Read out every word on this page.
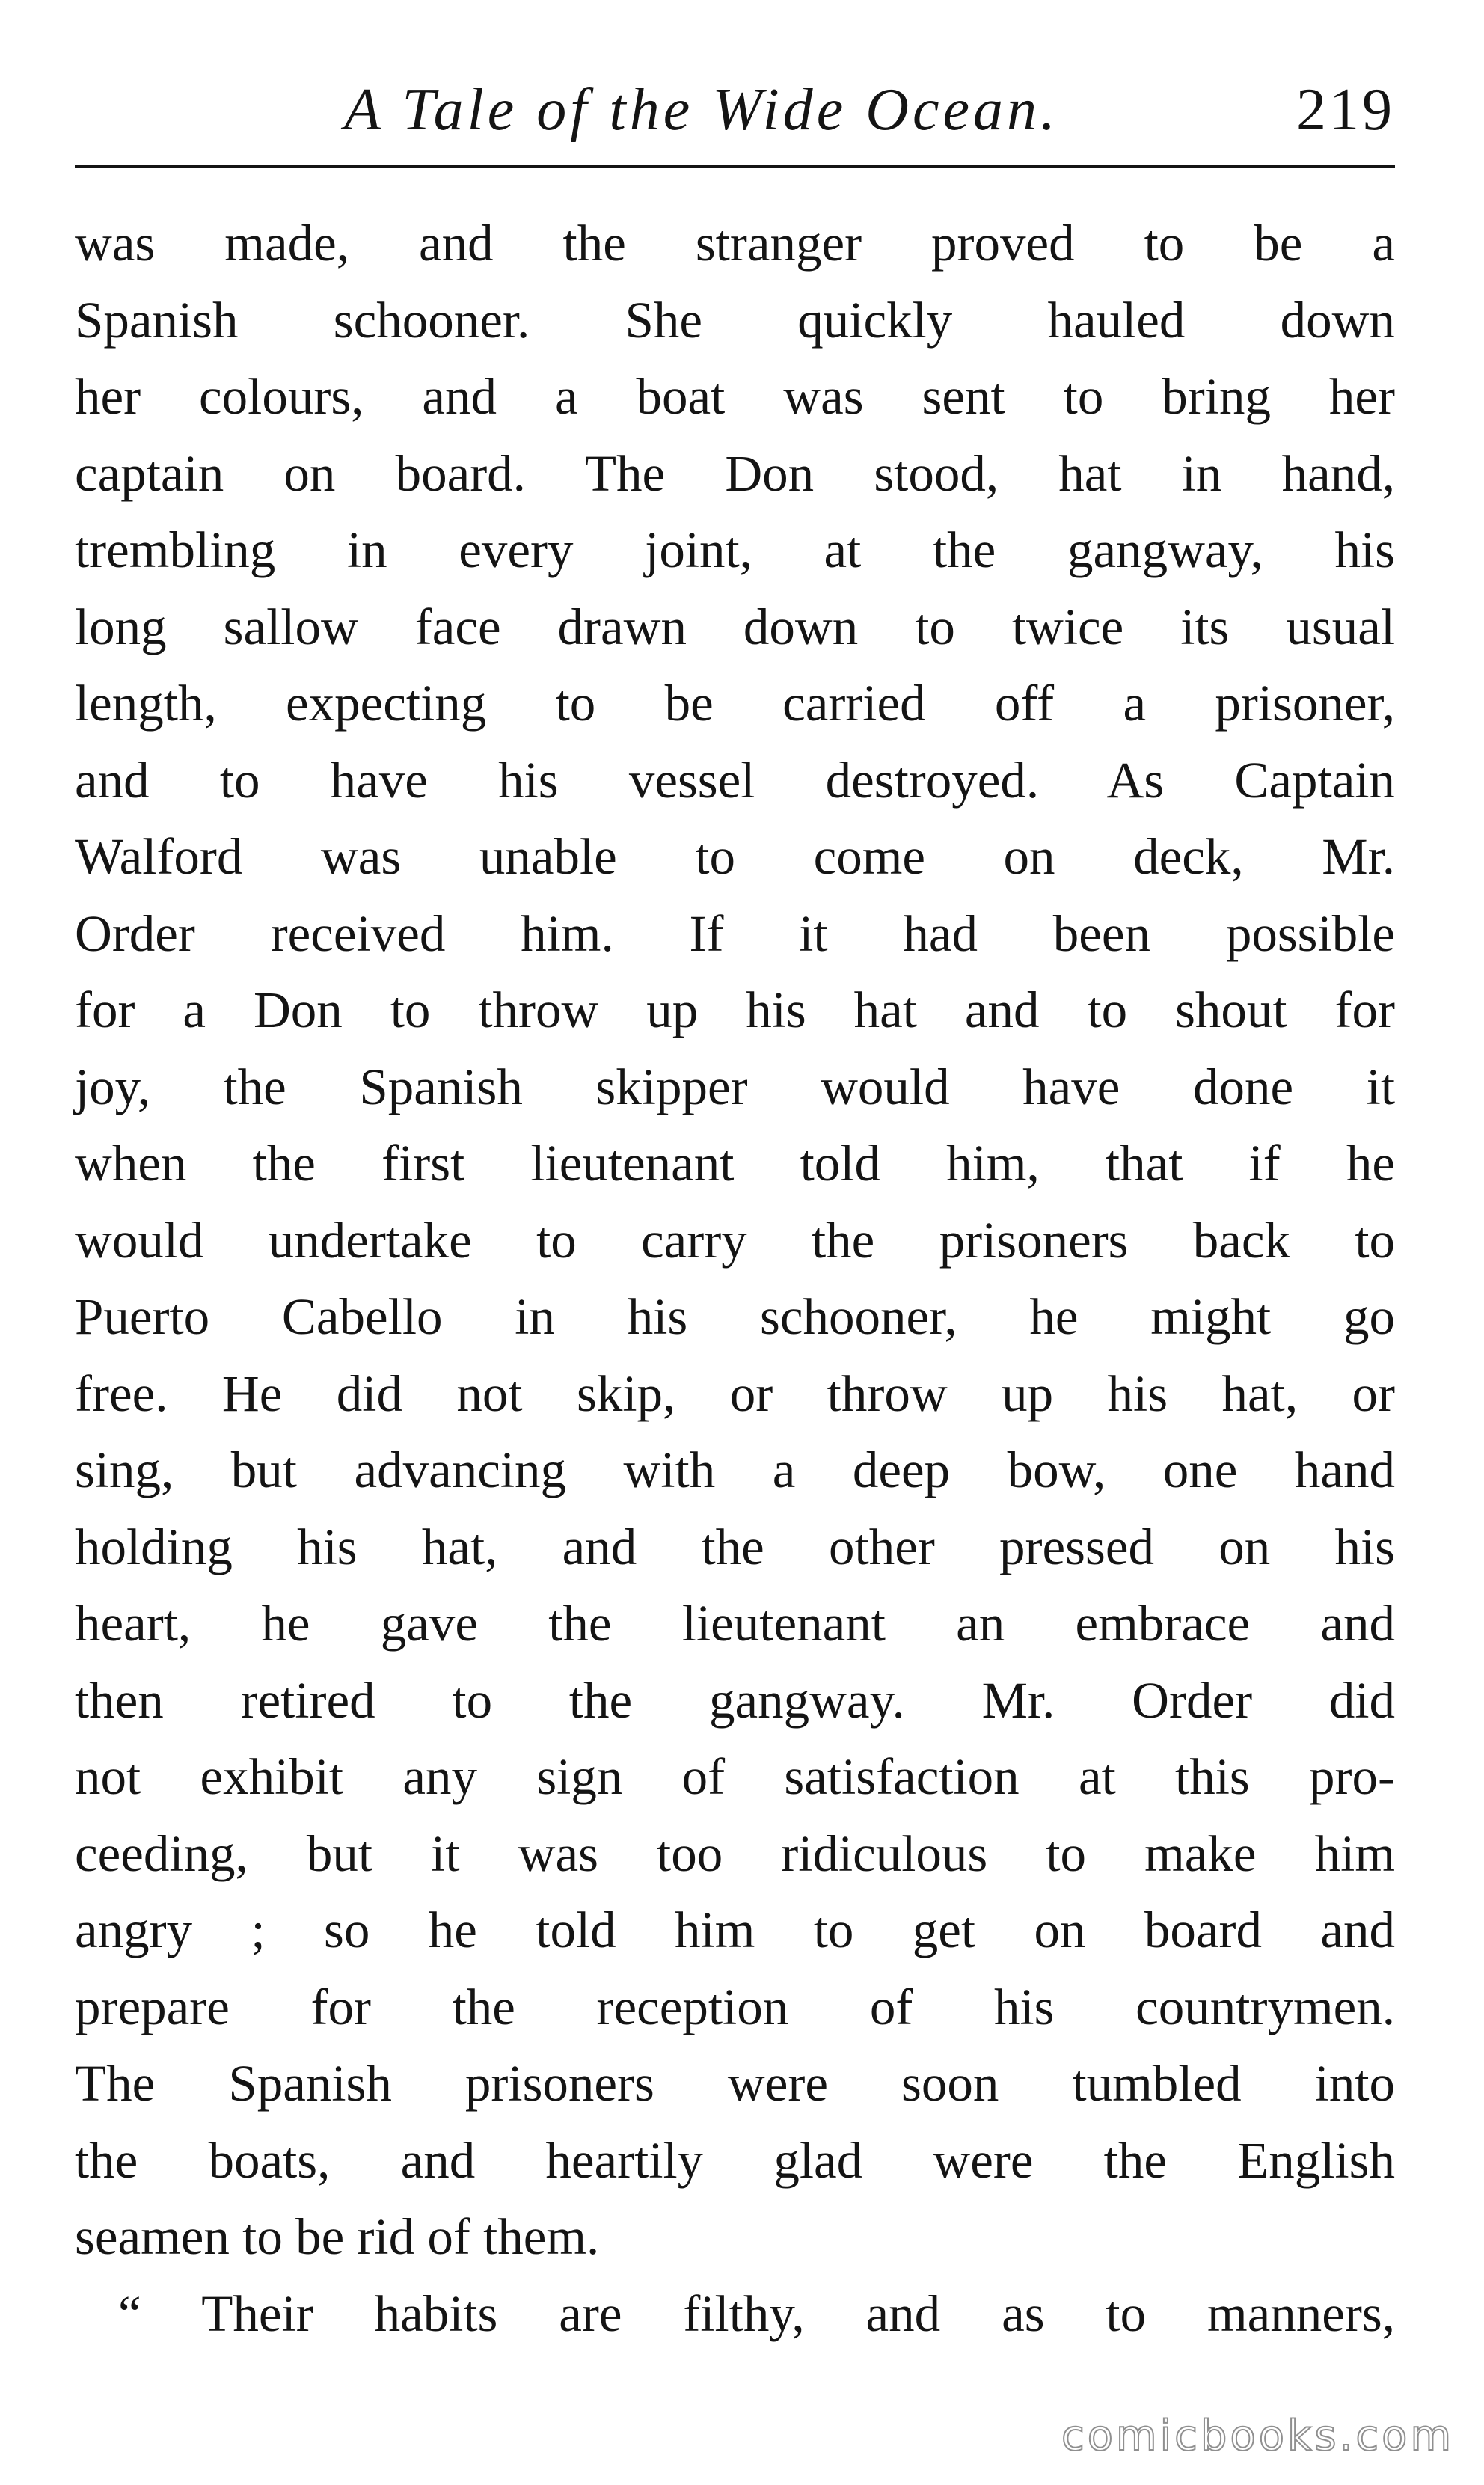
A Tale of the Wide Ocean.	219
was made, and the stranger proved to be a
Spanish schooner. She quickly hauled down
her colours, and a boat was sent to bring her
captain on board. The Don stood, hat in hand,
trembling in every joint, at the gangway, his
long sallow face drawn down to twice its usual
length, expecting to be carried off a prisoner,
and to have his vessel destroyed. As Captain
Walford was unable to come on deck, Mr.
Order received him. If it had been possible
for a Don to throw up his hat and to shout for
joy, the Spanish skipper would have done it
when the first lieutenant told him, that if he
would undertake to carry the prisoners back to
Puerto Cabello in his schooner, he might go
free. He did not skip, or throw up his hat, or
sing, but advancing with a deep bow, one hand
holding his hat, and the other pressed on his
heart, he gave the lieutenant an embrace and
then retired to the gangway. Mr. Order did
not exhibit any sign of satisfaction at this pro-
ceeding, but it was too ridiculous to make him
angry ; so he told him to get on board and
prepare for the reception of his countrymen.
The Spanish prisoners were soon tumbled into
the boats, and heartily glad were the English
seamen to be rid of them.
“ Their habits are filthy, and as to manners,
comicbooks.com
